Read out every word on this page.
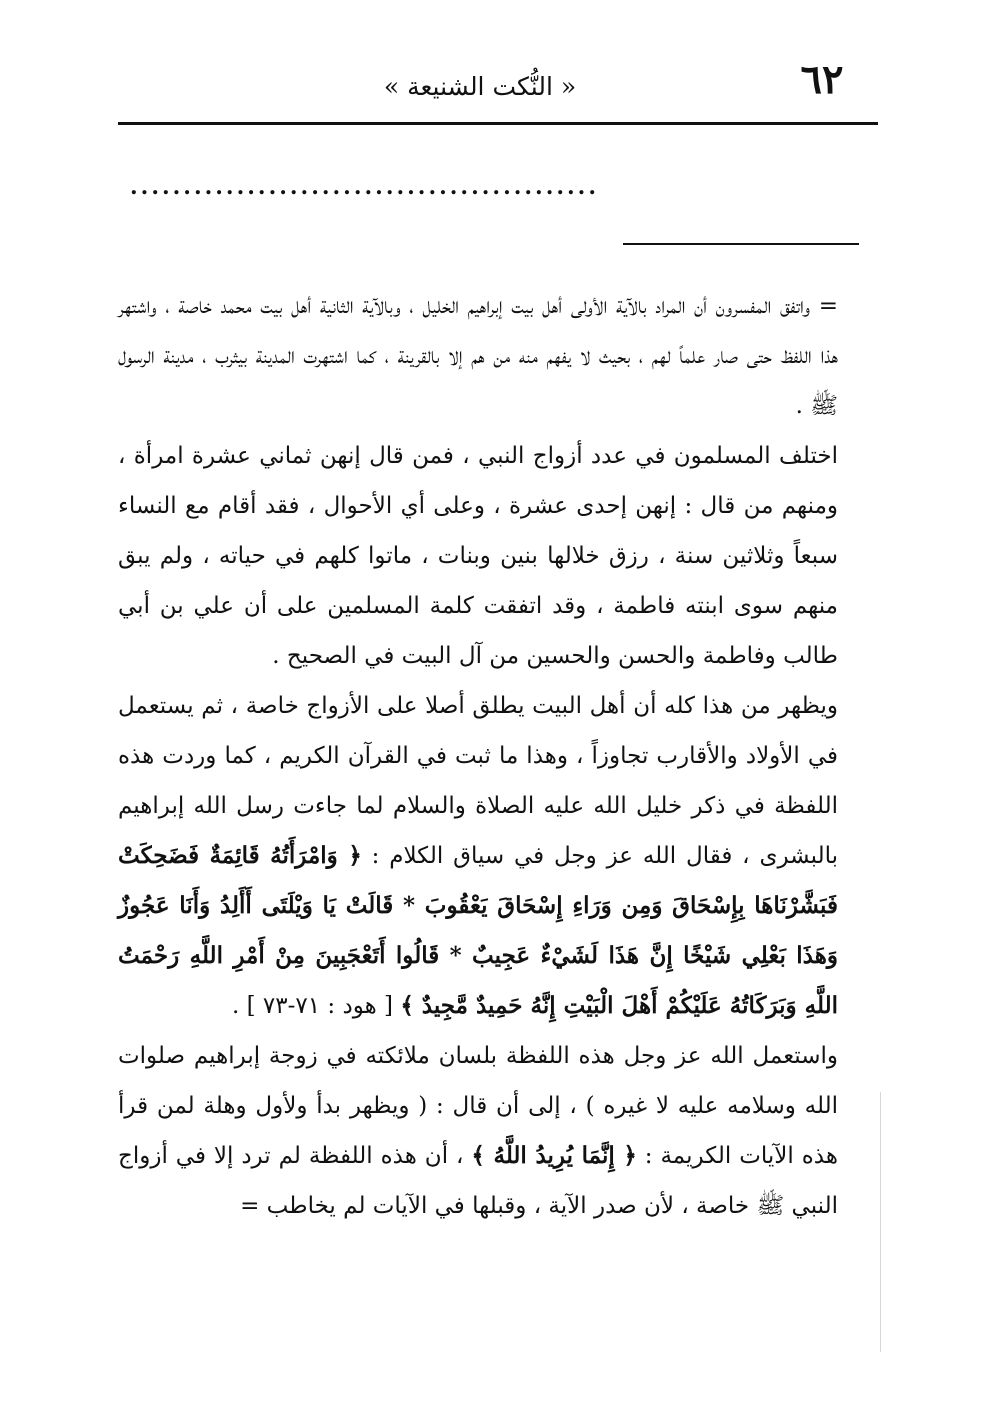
٦٢
« النُّكت الشنيعة »
............................................

= واتفق المفسرون أن المراد بالآية الأولى أهل بيت إبراهيم الخليل ، وبالآية الثانية أهل بيت محمد خاصة ، واشتهر هذا اللفظ حتى صار علماً لهم ، بحيث لا يفهم منه من هم إلا بالقرينة ، كما اشتهرت المدينة بيثرب ، مدينة الرسول ﷺ .

اختلف المسلمون في عدد أزواج النبي ، فمن قال إنهن ثماني عشرة امرأة ، ومنهم من قال : إنهن إحدى عشرة ، وعلى أي الأحوال ، فقد أقام مع النساء سبعاً وثلاثين سنة ، رزق خلالها بنين وبنات ، ماتوا كلهم في حياته ، ولم يبق منهم سوى ابنته فاطمة ، وقد اتفقت كلمة المسلمين على أن علي بن أبي طالب وفاطمة والحسن والحسين من آل البيت في الصحيح .

ويظهر من هذا كله أن أهل البيت يطلق أصلا على الأزواج خاصة ، ثم يستعمل في الأولاد والأقارب تجاوزاً ، وهذا ما ثبت في القرآن الكريم ، كما وردت هذه اللفظة في ذكر خليل الله عليه الصلاة والسلام لما جاءت رسل الله إبراهيم بالبشرى ، فقال الله عز وجل في سياق الكلام : ﴿ وَامْرَأَتُهُ قَائِمَةٌ فَضَحِكَتْ فَبَشَّرْنَاهَا بِإِسْحَاقَ وَمِن وَرَاءِ إِسْحَاقَ يَعْقُوبَ * قَالَتْ يَا وَيْلَتَى أَأَلِدُ وَأَنَا عَجُوزٌ وَهَذَا بَعْلِي شَيْخًا إِنَّ هَذَا لَشَيْءٌ عَجِيبٌ * قَالُوا أَتَعْجَبِينَ مِنْ أَمْرِ اللَّهِ رَحْمَتُ اللَّهِ وَبَرَكَاتُهُ عَلَيْكُمْ أَهْلَ الْبَيْتِ إِنَّهُ حَمِيدٌ مَّجِيدٌ ﴾ [ هود : ٧١-٧٣ ] .

واستعمل الله عز وجل هذه اللفظة بلسان ملائكته في زوجة إبراهيم صلوات الله وسلامه عليه لا غيره ) ، إلى أن قال : ( ويظهر بدأ ولأول وهلة لمن قرأ هذه الآيات الكريمة : ﴿ إِنَّمَا يُرِيدُ اللَّهُ ﴾ ، أن هذه اللفظة لم ترد إلا في أزواج النبي ﷺ خاصة ، لأن صدر الآية ، وقبلها في الآيات لم يخاطب =
